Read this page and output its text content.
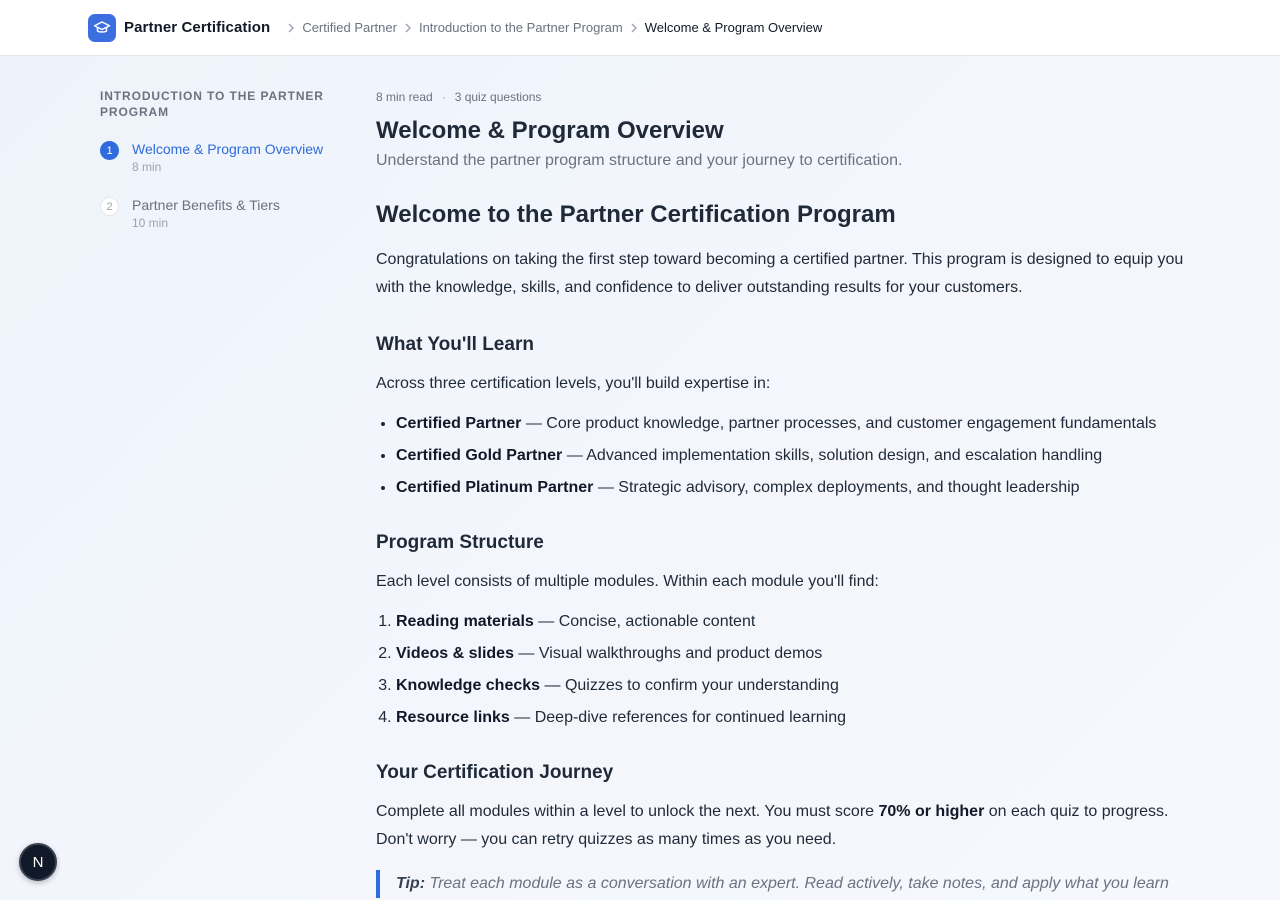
Partner Certification Certified Partner Introduction to the Partner Program Welcome & Program Overview
INTRODUCTION TO THE PARTNER PROGRAM
1	Welcome & Program Overview
8 min
2	Partner Benefits & Tiers
10 min
8 min read · 3 quiz questions
Welcome & Program Overview
Understand the partner program structure and your journey to certification.
Welcome to the Partner Certification Program

Congratulations on taking the first step toward becoming a certified partner. This program is designed to equip you with the knowledge, skills, and confidence to deliver outstanding results for your customers.

What You'll Learn

Across three certification levels, you'll build expertise in:

• Certified Partner — Core product knowledge, partner processes, and customer engagement fundamentals
• Certified Gold Partner — Advanced implementation skills, solution design, and escalation handling
• Certified Platinum Partner — Strategic advisory, complex deployments, and thought leadership
Program Structure

Each level consists of multiple modules. Within each module you'll find:

1. Reading materials — Concise, actionable content
2. Videos & slides — Visual walkthroughs and product demos
3. Knowledge checks — Quizzes to confirm your understanding
4. Resource links — Deep-dive references for continued learning
Your Certification Journey

Complete all modules within a level to unlock the next. You must score 70% or higher on each quiz to progress. Don't worry — you can retry quizzes as many times as you need.

Tip: Treat each module as a conversation with an expert. Read actively, take notes, and apply what you learn
N
